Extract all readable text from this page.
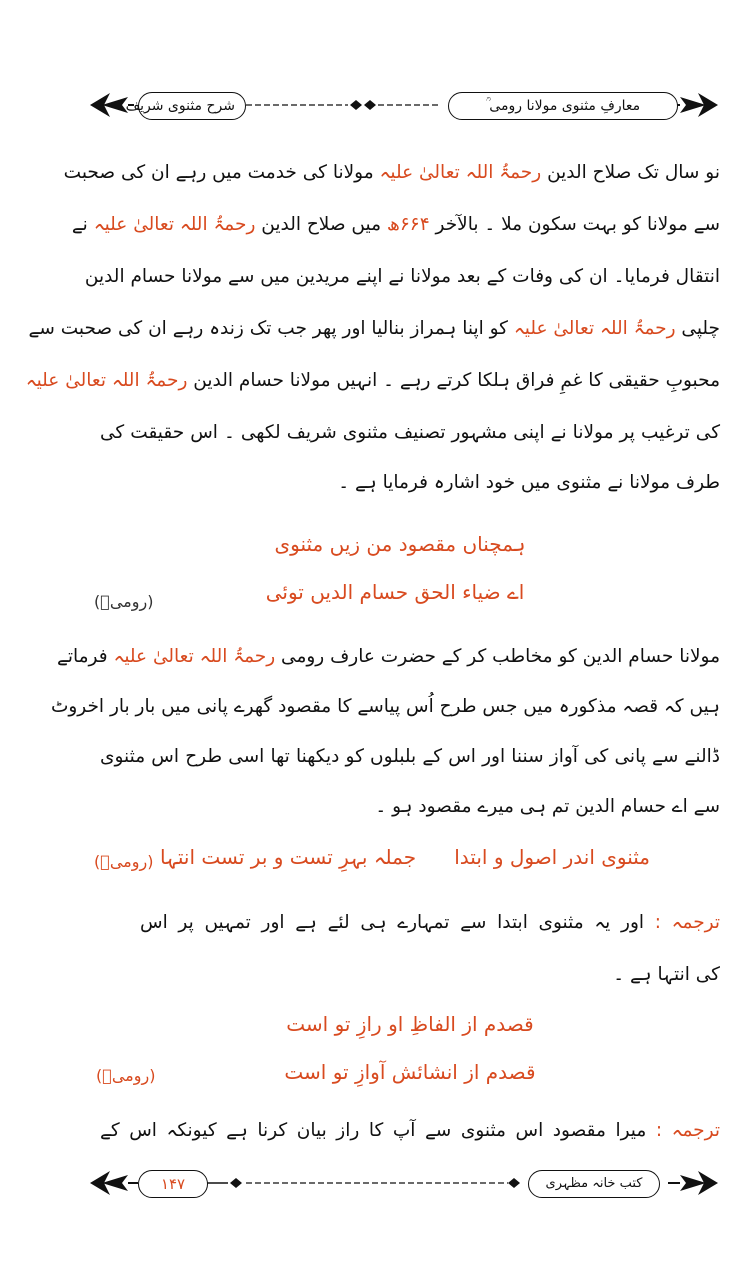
شرح مثنوی شریف	معارفِ مثنوی مولانا رومی ؒ
نو سال تک صلاح الدین رحمۃُ اللہ تعالیٰ علیہ مولانا کی خدمت میں رہے ان کی صحبت
سے مولانا کو بہت سکون ملا ۔ بالآخر ۶۶۴ھ میں صلاح الدین رحمۃُ اللہ تعالیٰ علیہ نے
انتقال فرمایا۔ ان کی وفات کے بعد مولانا نے اپنے مریدین میں سے مولانا حسام الدین
چلپی رحمۃُ اللہ تعالیٰ علیہ کو اپنا ہمراز بنالیا اور پھر جب تک زندہ رہے ان کی صحبت سے
محبوبِ حقیقی کا غمِ فراق ہلکا کرتے رہے ۔ انہیں مولانا حسام الدین رحمۃُ اللہ تعالیٰ علیہ
کی ترغیب پر مولانا نے اپنی مشہور تصنیف مثنوی شریف لکھی ۔ اس حقیقت کی
طرف مولانا نے مثنوی میں خود اشارہ فرمایا ہے ۔
ہمچناں مقصود من زیں مثنوی
اے ضیاء الحق حسام الدیں توئی
(رومیؒ)
مولانا حسام الدین کو مخاطب کر کے حضرت عارف رومی رحمۃُ اللہ تعالیٰ علیہ فرماتے
ہیں کہ قصہ مذکورہ میں جس طرح اُس پیاسے کا مقصود گھرے پانی میں بار بار اخروٹ
ڈالنے سے پانی کی آواز سننا اور اس کے بلبلوں کو دیکھنا تھا اسی طرح اس مثنوی
سے اے حسام الدین تم ہی میرے مقصود ہو ۔
مثنوی اندر اصول و ابتدا      جملہ بہرِ تست و بر تست انتہا
(رومیؒ)
ترجمہ : اور یہ مثنوی ابتدا سے تمہارے ہی لئے ہے اور تمہیں پر اس
کی انتہا ہے ۔
قصدم از الفاظِ او رازِ تو است
قصدم از انشائش آوازِ تو است
(رومیؒ)
ترجمہ : میرا مقصود اس مثنوی سے آپ کا راز بیان کرنا ہے کیونکہ اس کے
۱۴۷	کتب خانہ مظہری
